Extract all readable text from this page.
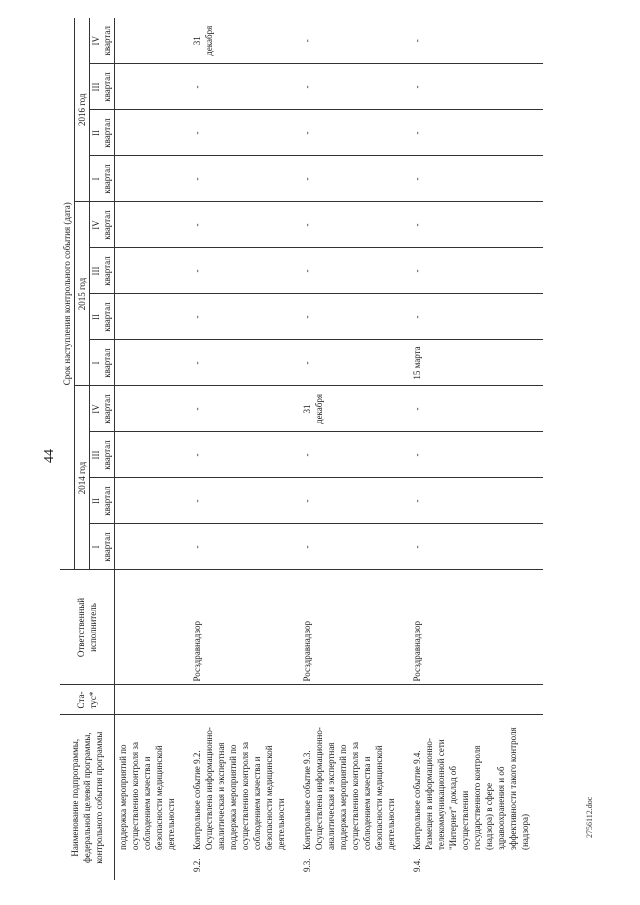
44
Наименование подпрограммы, федеральной целевой программы, контрольного события программы	Ста-тус*	Ответственный исполнитель	Срок наступления контрольного события (дата)											
			2014 год				2015 год				2016 год			

			I квартал	II квартал	III квартал	IV квартал	I квартал	II квартал	III квартал	IV квартал	I квартал	II квартал	III квартал	IV квартал

поддержка мероприятий по осуществлению контроля за соблюдением качества и безопасности медицинской деятельности														
9.2.Контрольное событие 9.2. Осуществлена информационно-аналитическая и экспертная поддержка мероприятий по осуществлению контроля за соблюдением качества и безопасности медицинской деятельности		Росздравнадзор	-	-	-	-	-	-	-	-	-	-	-	31 декабря
9.3.Контрольное событие 9.3. Осуществлена информационно-аналитическая и экспертная поддержка мероприятий по осуществлению контроля за соблюдением качества и безопасности медицинской деятельности		Росздравнадзор	-	-	-	31 декабря	-	-	-	-	-	-	-	-
9.4.Контрольное событие 9.4. Размещен в информационно-телекоммуникационной сети "Интернет" доклад об осуществлении государственного контроля (надзора) в сфере здравоохранения и об эффективности такого контроля (надзора)		Росздравнадзор	-	-	-	-	15 марта	-	-	-	-	-	-	-
2756112.doc
